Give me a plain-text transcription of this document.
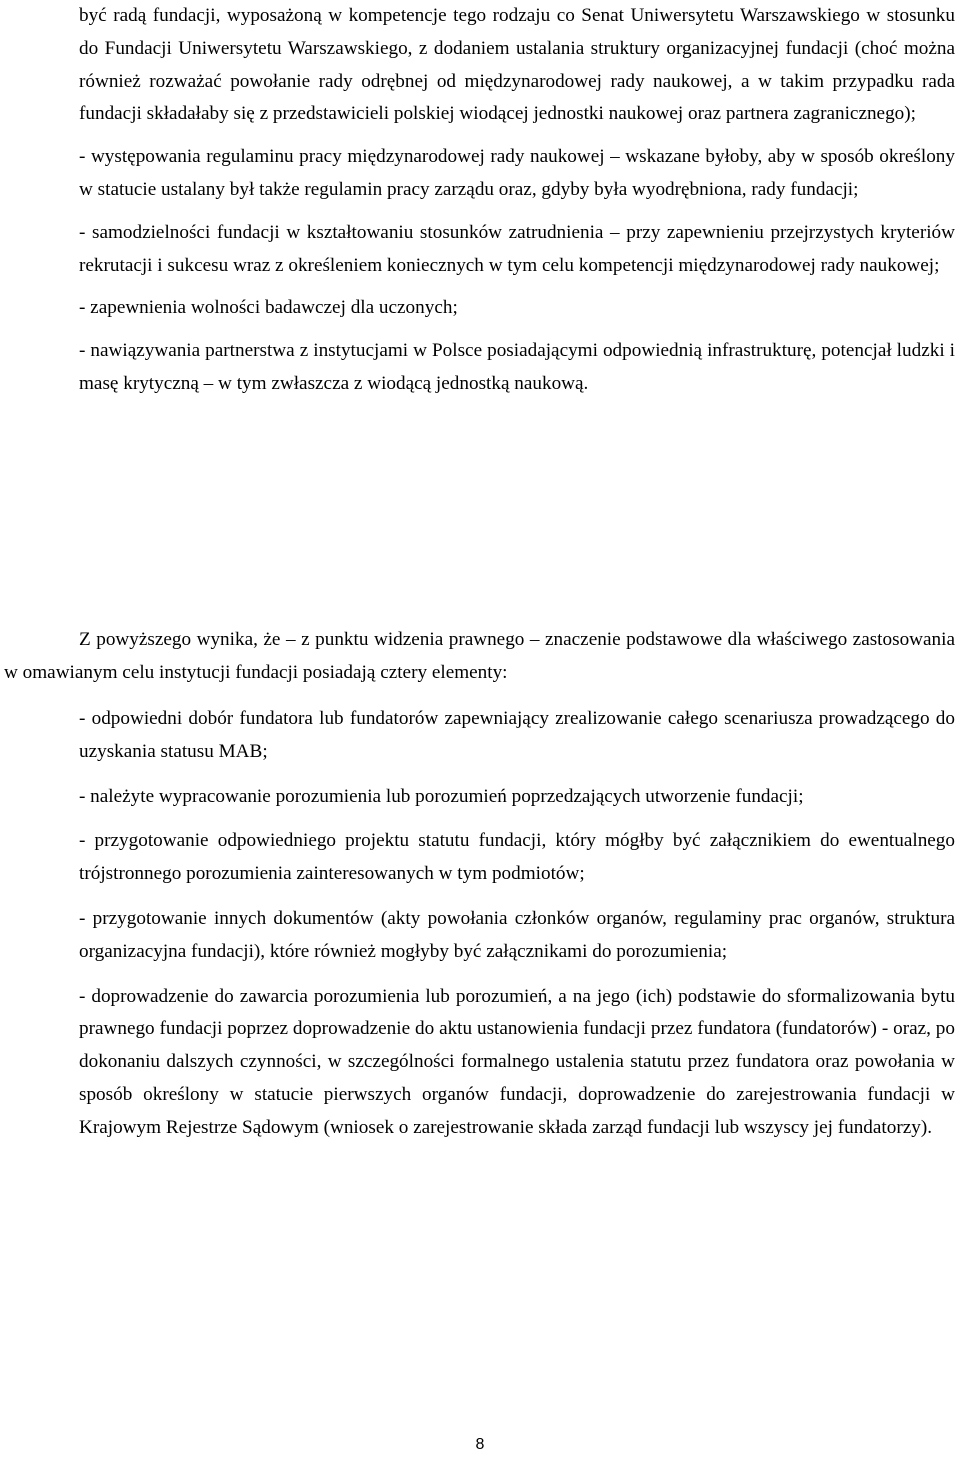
być radą fundacji, wyposażoną w kompetencje tego rodzaju co Senat Uniwersytetu Warszawskiego w stosunku do Fundacji Uniwersytetu Warszawskiego, z dodaniem ustalania struktury organizacyjnej fundacji (choć można również rozważać powołanie rady odrębnej od międzynarodowej rady naukowej, a w takim przypadku rada fundacji składałaby się z przedstawicieli polskiej wiodącej jednostki naukowej oraz partnera zagranicznego);

- występowania regulaminu pracy międzynarodowej rady naukowej – wskazane byłoby, aby w sposób określony w statucie ustalany był także regulamin pracy zarządu oraz, gdyby była wyodrębniona, rady fundacji;

- samodzielności fundacji w kształtowaniu stosunków zatrudnienia – przy zapewnieniu przejrzystych kryteriów rekrutacji i sukcesu wraz z określeniem koniecznych w tym celu kompetencji międzynarodowej rady naukowej;

- zapewnienia wolności badawczej dla uczonych;

- nawiązywania partnerstwa z instytucjami w Polsce posiadającymi odpowiednią infrastrukturę, potencjał ludzki i masę krytyczną – w tym zwłaszcza z wiodącą jednostką naukową.

Z powyższego wynika, że – z punktu widzenia prawnego – znaczenie podstawowe dla właściwego zastosowania w omawianym celu instytucji fundacji posiadają cztery elementy:

- odpowiedni dobór fundatora lub fundatorów zapewniający zrealizowanie całego scenariusza prowadzącego do uzyskania statusu MAB;

- należyte wypracowanie porozumienia lub porozumień poprzedzających utworzenie fundacji;

- przygotowanie odpowiedniego projektu statutu fundacji, który mógłby być załącznikiem do ewentualnego trójstronnego porozumienia zainteresowanych w tym podmiotów;

- przygotowanie innych dokumentów (akty powołania członków organów, regulaminy prac organów, struktura organizacyjna fundacji), które również mogłyby być załącznikami do porozumienia;

- doprowadzenie do zawarcia porozumienia lub porozumień, a na jego (ich) podstawie do sformalizowania bytu prawnego fundacji poprzez doprowadzenie do aktu ustanowienia fundacji przez fundatora (fundatorów) - oraz, po dokonaniu dalszych czynności, w szczególności formalnego ustalenia statutu przez fundatora oraz powołania w sposób określony w statucie pierwszych organów fundacji, doprowadzenie do zarejestrowania fundacji w Krajowym Rejestrze Sądowym (wniosek o zarejestrowanie składa zarząd fundacji lub wszyscy jej fundatorzy).

8
